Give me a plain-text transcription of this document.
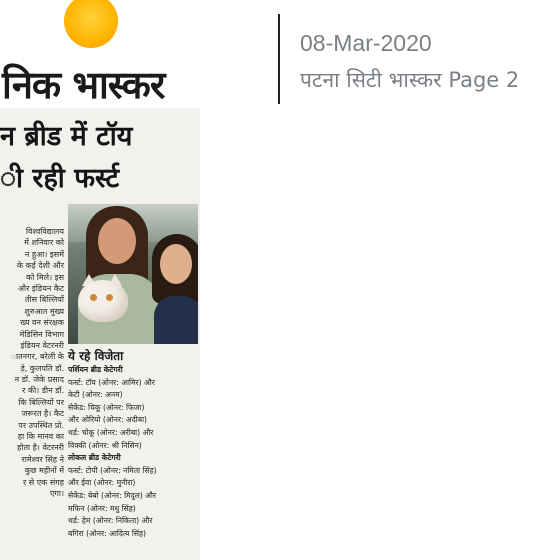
निक भास्कर
08-Mar-2020
पटना सिटी भास्कर Page 2
न ब्रीड में टॉय
ी रही फर्स्ट
विश्वविद्यालय
में शनिवार को
न हुआ। इसमें
के कई देशी और
को मिले। इस
और इंडियन कैट
तीस बिल्लियों
शुरुआत मुख्य
ख्य वन संरक्षक
मेडिसिन विभाग
इंडियन वेटरनरी
ातनगर, बरेली के
ड़े, कुलपति डॉ.
न डॉ. जेके प्रसाद
र की। डीन डॉ.
कि बिल्लियों पर
जरूरत है। कैट
पर उपस्थित प्रो.
हा कि मानव का
होता है। वेटरनरी
रामेश्वर सिंह ने
कुछ महीनों में
र से एक संगह
एगा।
ये रहे विजेता
पर्शियन ब्रीड केटेगरी
फर्स्ट: टॉय (ओनर: आमिर) और
केटी (ओनर: अनम)
सेकेंड: चिकू (ओनर: फिजा)
और ओरियो (ओनर: अदीबा)
थर्ड: चोकू (ओनर: अरीबा) और
विक्की (ओनर: श्री निसिन)
लोकल ब्रीड केटेगरी
फर्स्ट: टोपी (ओनर: नमिता सिंह)
और ईवा (ओनर: मुनीरा)
सेकेंड: बेबो (ओनर: मिदुल) और
मफिन (ओनर: मधु सिंह)
थर्ड: हेम (ओनर: निकिता) और
बगिरा (ओनर: आदित्य सिंह)
